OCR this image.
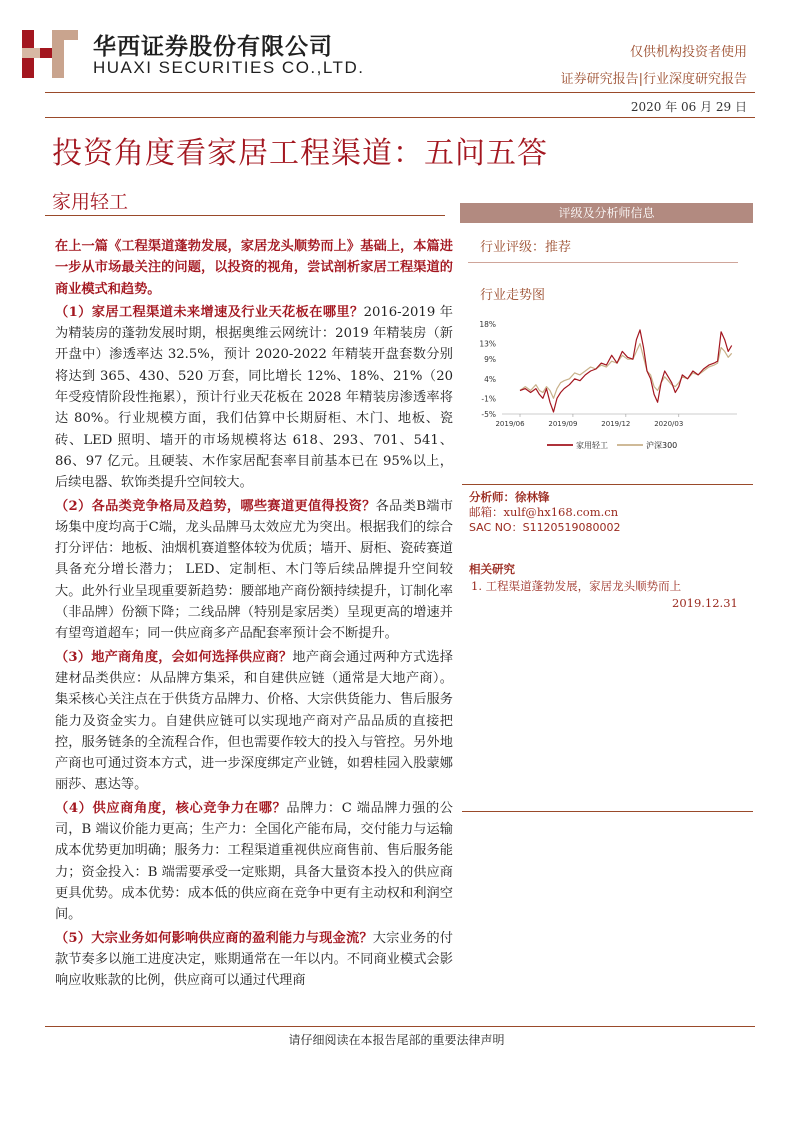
华西证券股份有限公司
HUAXI SECURITIES CO.,LTD.
仅供机构投资者使用
证券研究报告|行业深度研究报告
2020 年 06 月 29 日
投资角度看家居工程渠道：五问五答
家用轻工

在上一篇《工程渠道蓬勃发展，家居龙头顺势而上》基础上，本篇进一步从市场最关注的问题，以投资的视角，尝试剖析家居工程渠道的商业模式和趋势。

（1）家居工程渠道未来增速及行业天花板在哪里？2016-2019 年为精装房的蓬勃发展时期，根据奥维云网统计：2019 年精装房（新开盘中）渗透率达 32.5%，预计 2020-2022 年精装开盘套数分别将达到 365、430、520 万套，同比增长 12%、18%、21%（20 年受疫情阶段性拖累），预计行业天花板在 2028 年精装房渗透率将达 80%。行业规模方面，我们估算中长期厨柜、木门、地板、瓷砖、LED 照明、墙开的市场规模将达 618、293、701、541、86、97 亿元。且硬装、木作家居配套率目前基本已在 95%以上，后续电器、软饰类提升空间较大。

（2）各品类竞争格局及趋势，哪些赛道更值得投资？各品类B端市场集中度均高于C端，龙头品牌马太效应尤为突出。根据我们的综合打分评估：地板、油烟机赛道整体较为优质；墙开、厨柜、瓷砖赛道具备充分增长潜力； LED、定制柜、木门等后续品牌提升空间较大。此外行业呈现重要新趋势：腰部地产商份额持续提升，订制化率（非品牌）份额下降；二线品牌（特别是家居类）呈现更高的增速并有望弯道超车；同一供应商多产品配套率预计会不断提升。

（3）地产商角度，会如何选择供应商？地产商会通过两种方式选择建材品类供应：从品牌方集采，和自建供应链（通常是大地产商）。集采核心关注点在于供货方品牌力、价格、大宗供货能力、售后服务能力及资金实力。自建供应链可以实现地产商对产品品质的直接把控，服务链条的全流程合作，但也需要作较大的投入与管控。另外地产商也可通过资本方式，进一步深度绑定产业链，如碧桂园入股蒙娜丽莎、惠达等。

（4）供应商角度，核心竞争力在哪？品牌力：C 端品牌力强的公司，B 端议价能力更高；生产力：全国化产能布局，交付能力与运输成本优势更加明确；服务力：工程渠道重视供应商售前、售后服务能力；资金投入：B 端需要承受一定账期，具备大量资本投入的供应商更具优势。成本优势：成本低的供应商在竞争中更有主动权和利润空间。

（5）大宗业务如何影响供应商的盈利能力与现金流？大宗业务的付款节奏多以施工进度决定，账期通常在一年以内。不同商业模式会影响应收账款的比例，供应商可以通过代理商

评级及分析师信息
行业评级：推荐
行业走势图
18%
13%
9%
4%
-1%
-5%
2019/06	2019/09	2019/12	2020/03
家用轻工	沪深300
分析师：徐林锋
邮箱：xulf@hx168.com.cn
SAC NO：S1120519080002
相关研究
1. 工程渠道蓬勃发展，家居龙头顺势而上
2019.12.31
请仔细阅读在本报告尾部的重要法律声明
